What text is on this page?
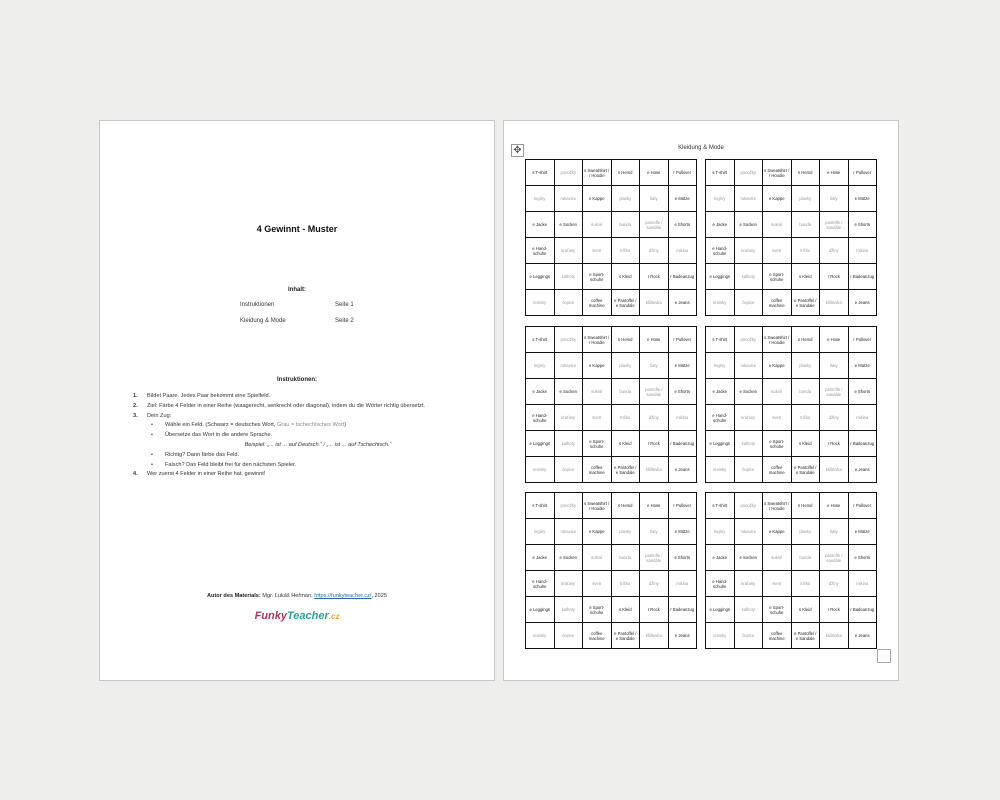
4 Gewinnt - Muster
Inhalt:
Instruktionen	Seite 1
Kleidung & Mode	Seite 2
Instruktionen:
1. Bildet Paare. Jedes Paar bekommt eine Spielfeld.
2. Ziel: Färbe 4 Felder in einer Reihe (waagerecht, senkrecht oder diagonal), indem du die Wörter richtig übersetzt.
3. Dein Zug:
• Wähle ein Feld. (Schwarz = deutsches Wort, Grau = tschechisches Wort)
• Übersetze das Wort in die andere Sprache.
Beispiel: „... ist ... auf Deutsch.“ / „... ist ... auf Tschechisch.“
• Richtig? Dann färbe das Feld.
• Falsch? Das Feld bleibt frei für den nächsten Spieler.
4. Wer zuerst 4 Felder in einer Reihe hat, gewinnt!
Autor des Materials: Mgr. Lukáš Heřman, https://funkyteacher.cz/, 2025
FunkyTeacher.cz
✥	Kleidung & Mode
s T-shirt	ponožky	s Sweatshirt / r Hoodie	s Hemd	e Hose	r Pullover
legíny	rukavice	e Kappe	plavky	šaty	e Mütze
e Jacke	e Socken	sukně	bunda	pantofle / sandále	e Shorts
e Hand-schuhe	kraťasy	svetr	tričko	džíny	mikina
e Leggings	kalhoty	e Sport-schuhe	s Kleid	r Rock	r Badeanzug
tenisky	čepice	coffee machine	e Pantoffel / e Sandale	kšiltovka	e Jeans
s T-shirt	ponožky	s Sweatshirt / r Hoodie	s Hemd	e Hose	r Pullover
legíny	rukavice	e Kappe	plavky	šaty	e Mütze
e Jacke	e Socken	sukně	bunda	pantofle / sandále	e Shorts
e Hand-schuhe	kraťasy	svetr	tričko	džíny	mikina
e Leggings	kalhoty	e Sport-schuhe	s Kleid	r Rock	r Badeanzug
tenisky	čepice	coffee machine	e Pantoffel / e Sandale	kšiltovka	e Jeans
s T-shirt	ponožky	s Sweatshirt / r Hoodie	s Hemd	e Hose	r Pullover
legíny	rukavice	e Kappe	plavky	šaty	e Mütze
e Jacke	e Socken	sukně	bunda	pantofle / sandále	e Shorts
e Hand-schuhe	kraťasy	svetr	tričko	džíny	mikina
e Leggings	kalhoty	e Sport-schuhe	s Kleid	r Rock	r Badeanzug
tenisky	čepice	coffee machine	e Pantoffel / e Sandale	kšiltovka	e Jeans
s T-shirt	ponožky	s Sweatshirt / r Hoodie	s Hemd	e Hose	r Pullover
legíny	rukavice	e Kappe	plavky	šaty	e Mütze
e Jacke	e Socken	sukně	bunda	pantofle / sandále	e Shorts
e Hand-schuhe	kraťasy	svetr	tričko	džíny	mikina
e Leggings	kalhoty	e Sport-schuhe	s Kleid	r Rock	r Badeanzug
tenisky	čepice	coffee machine	e Pantoffel / e Sandale	kšiltovka	e Jeans
s T-shirt	ponožky	s Sweatshirt / r Hoodie	s Hemd	e Hose	r Pullover
legíny	rukavice	e Kappe	plavky	šaty	e Mütze
e Jacke	e Socken	sukně	bunda	pantofle / sandále	e Shorts
e Hand-schuhe	kraťasy	svetr	tričko	džíny	mikina
e Leggings	kalhoty	e Sport-schuhe	s Kleid	r Rock	r Badeanzug
tenisky	čepice	coffee machine	e Pantoffel / e Sandale	kšiltovka	e Jeans
s T-shirt	ponožky	s Sweatshirt / r Hoodie	s Hemd	e Hose	r Pullover
legíny	rukavice	e Kappe	plavky	šaty	e Mütze
e Jacke	e Socken	sukně	bunda	pantofle / sandále	e Shorts
e Hand-schuhe	kraťasy	svetr	tričko	džíny	mikina
e Leggings	kalhoty	e Sport-schuhe	s Kleid	r Rock	r Badeanzug
tenisky	čepice	coffee machine	e Pantoffel / e Sandale	kšiltovka	e Jeans
